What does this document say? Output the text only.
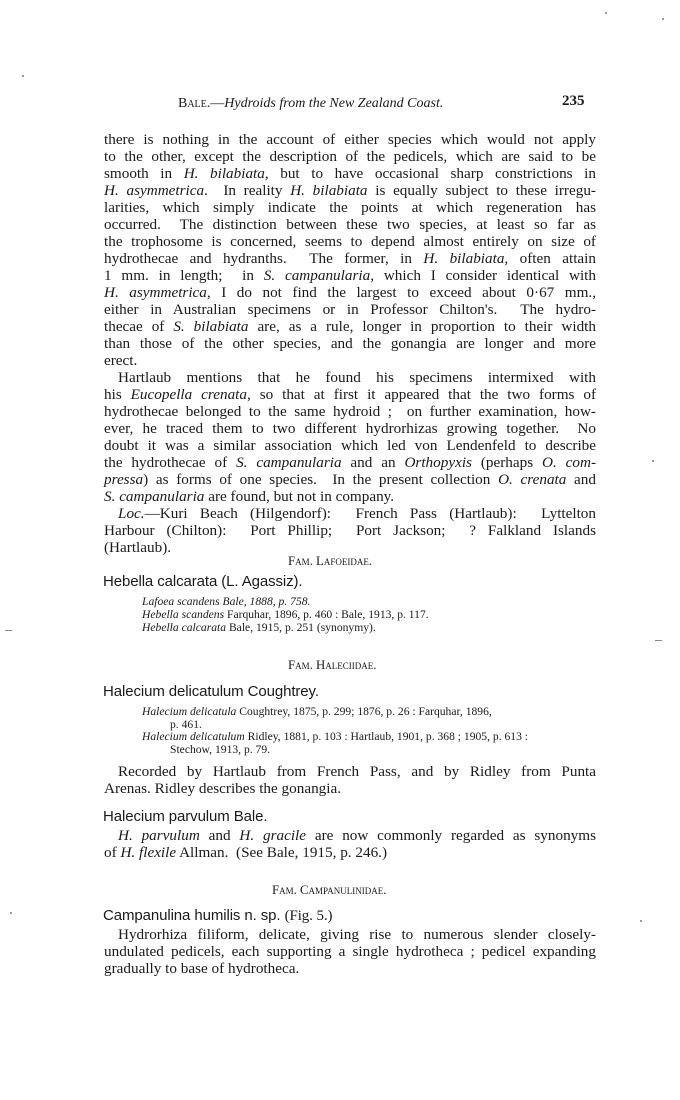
Bale.—Hydroids from the New Zealand Coast.	235
there is nothing in the account of either species which would not apply
to the other, except the description of the pedicels, which are said to be
smooth in H. bilabiata, but to have occasional sharp constrictions in
H. asymmetrica.  In reality H. bilabiata is equally subject to these irregu-
larities, which simply indicate the points at which regeneration has
occurred.  The distinction between these two species, at least so far as
the trophosome is concerned, seems to depend almost entirely on size of
hydrothecae and hydranths.  The former, in H. bilabiata, often attain
1 mm. in length;  in S. campanularia, which I consider identical with
H. asymmetrica, I do not find the largest to exceed about 0·67 mm.,
either in Australian specimens or in Professor Chilton's.  The hydro-
thecae of S. bilabiata are, as a rule, longer in proportion to their width
than those of the other species, and the gonangia are longer and more
erect.
Hartlaub mentions that he found his specimens intermixed with
his Eucopella crenata, so that at first it appeared that the two forms of
hydrothecae belonged to the same hydroid ;  on further examination, how-
ever, he traced them to two different hydrorhizas growing together.  No
doubt it was a similar association which led von Lendenfeld to describe
the hydrothecae of S. campanularia and an Orthopyxis (perhaps O. com-
pressa) as forms of one species.  In the present collection O. crenata and
S. campanularia are found, but not in company.
Loc.—Kuri Beach (Hilgendorf):  French Pass (Hartlaub):  Lyttelton
Harbour (Chilton):  Port Phillip;  Port Jackson;  ? Falkland Islands
(Hartlaub).
Fam. Lafoeidae.
Hebella calcarata (L. Agassiz).
Lafoea scandens Bale, 1888, p. 758.
Hebella scandens Farquhar, 1896, p. 460 : Bale, 1913, p. 117.
Hebella calcarata Bale, 1915, p. 251 (synonymy).
Fam. Haleciidae.
Halecium delicatulum Coughtrey.
Halecium delicatula Coughtrey, 1875, p. 299; 1876, p. 26 : Farquhar, 1896,
p. 461.
Halecium delicatulum Ridley, 1881, p. 103 : Hartlaub, 1901, p. 368 ; 1905, p. 613 :
Stechow, 1913, p. 79.
Recorded by Hartlaub from French Pass, and by Ridley from Punta
Arenas. Ridley describes the gonangia.
Halecium parvulum Bale.
H. parvulum and H. gracile are now commonly regarded as synonyms
of H. flexile Allman.  (See Bale, 1915, p. 246.)
Fam. Campanulinidae.
Campanulina humilis n. sp. (Fig. 5.)
Hydrorhiza filiform, delicate, giving rise to numerous slender closely-
undulated pedicels, each supporting a single hydrotheca ; pedicel expanding
gradually to base of hydrotheca.
